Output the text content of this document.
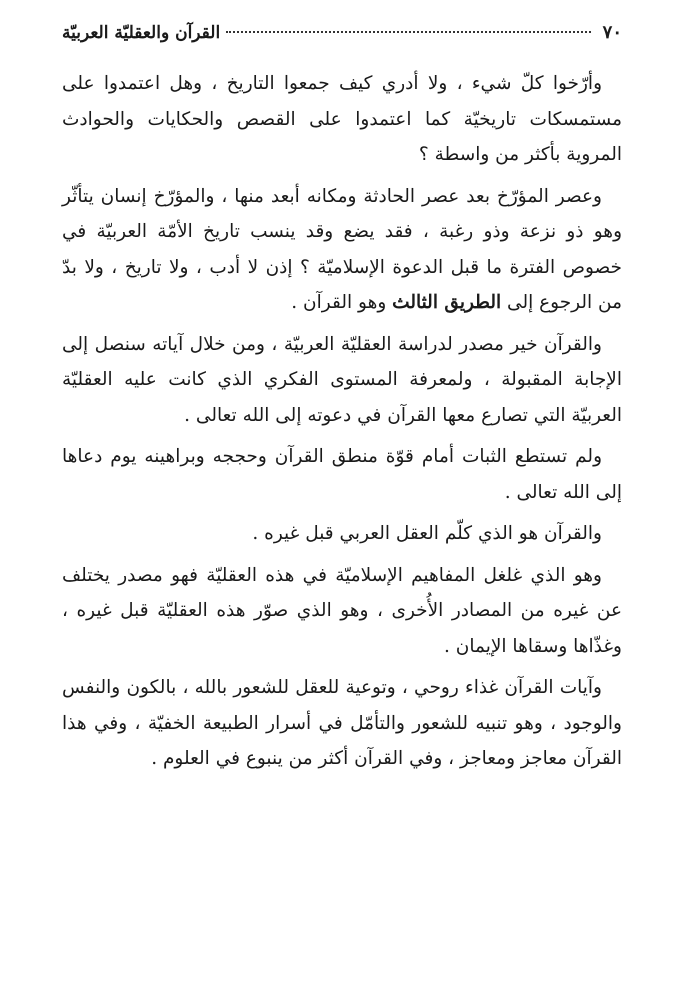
٧٠
القرآن والعقليّة العربيّة

وأرّخوا كلّ شيء ، ولا أدري كيف جمعوا التاريخ ، وهل اعتمدوا على مستمسكات تاريخيّة كما اعتمدوا على القصص والحكايات والحوادث المروية بأكثر من واسطة ؟

وعصر المؤرّخ بعد عصر الحادثة ومكانه أبعد منها ، والمؤرّخ إنسان يتأثّر وهو ذو نزعة وذو رغبة ، فقد يضع وقد ينسب تاريخ الأمّة العربيّة في خصوص الفترة ما قبل الدعوة الإسلاميّة ؟ إذن لا أدب ، ولا تاريخ ، ولا بدّ من الرجوع إلى الطريق الثالث وهو القرآن .

والقرآن خير مصدر لدراسة العقليّة العربيّة ، ومن خلال آياته سنصل إلى الإجابة المقبولة ، ولمعرفة المستوى الفكري الذي كانت عليه العقليّة العربيّة التي تصارع معها القرآن في دعوته إلى الله تعالى .

ولم تستطع الثبات أمام قوّة منطق القرآن وحججه وبراهينه يوم دعاها إلى الله تعالى .

والقرآن هو الذي كلّم العقل العربي قبل غيره .

وهو الذي غلغل المفاهيم الإسلاميّة في هذه العقليّة فهو مصدر يختلف عن غيره من المصادر الأُخرى ، وهو الذي صوّر هذه العقليّة قبل غيره ، وغذّاها وسقاها الإيمان .

وآيات القرآن غذاء روحي ، وتوعية للعقل للشعور بالله ، بالكون والنفس والوجود ، وهو تنبيه للشعور والتأمّل في أسرار الطبيعة الخفيّة ، وفي هذا القرآن معاجز ومعاجز ، وفي القرآن أكثر من ينبوع في العلوم .
